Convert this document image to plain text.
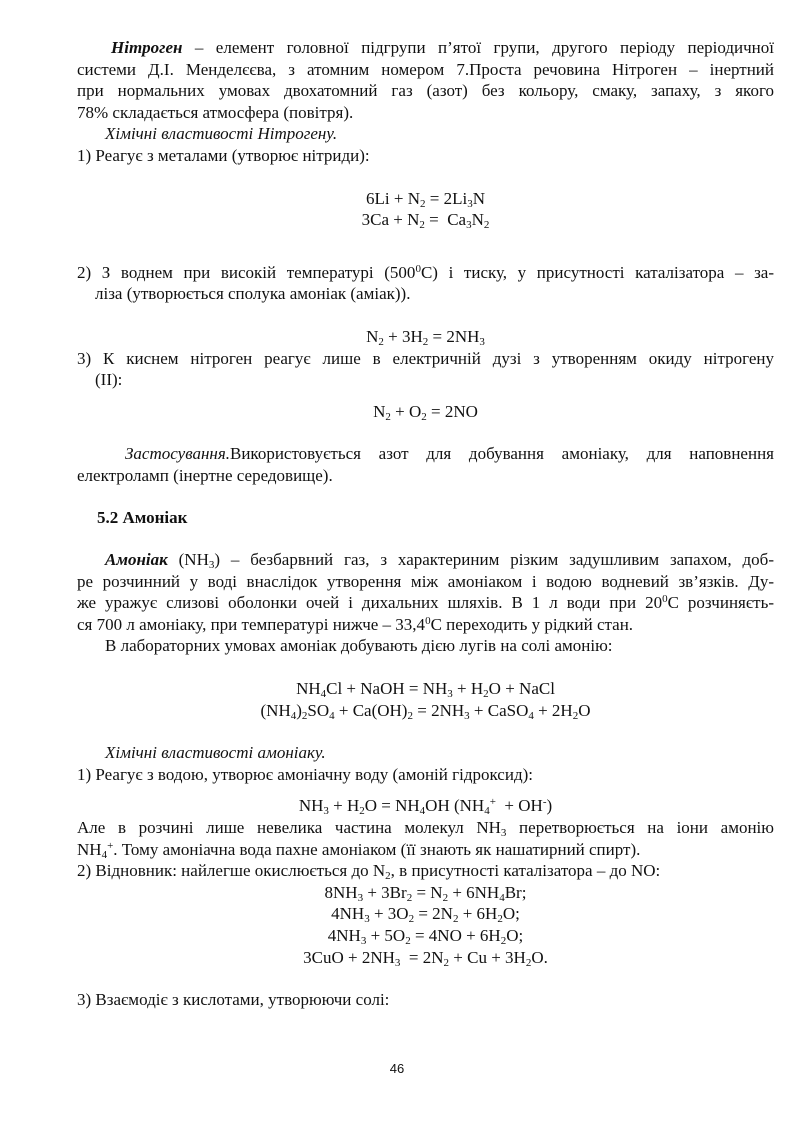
Нітроген – елемент головної підгрупи п’ятої групи, другого періоду періодичної

системи Д.І. Менделєєва, з атомним номером 7.Проста речовина Нітроген – інертний

при нормальних умовах двохатомний газ (азот) без кольору, смаку, запаху, з якого

78% складається атмосфера (повітря).

Хімічні властивості Нітрогену.

1) Реагує з металами (утворює нітриди):

$6Li + N_2 = 2Li_3N$

$3Ca + N_2 = Ca_3N_2$

2) З воднем при високій температурі $(500^0С)$ і тиску, у присутності каталізатора – за-

ліза (утворюється сполука амоніак (аміак)).

$N_2 + 3H_2 = 2NH_3$

3) К киснем нітроген реагує лише в електричній дузі з утворенням окиду нітрогену

(II):

$N_2 + O_2 = 2NO$

Застосування.Використовується азот для добування амоніаку, для наповнення

електроламп (інертне середовище).

5.2 Амоніак

Амоніак $(NH_3)$ – безбарвний газ, з характериним різким задушливим запахом, доб-

ре розчинний у воді внаслідок утворення між амоніаком і водою водневий зв’язків. Ду-

же уражує слизові оболонки очей і дихальних шляхів. В 1 л води при $20^0С$ розчиняєть-

ся 700 л амоніаку, при температурі нижче – 33,4$^0$С переходить у рідкий стан.

В лабораторних умовах амоніак добувають дією лугів на солі амонію:

$NH_4Cl$ + NaOH = $NH_3 + H_2O$ + NaCl

$(NH_4)_2SO_4 + Ca(OH)_2 = 2NH_3$ + CaSO$_4$ + $2H_2O$

Хімічні властивості амоніаку.

1) Реагує з водою, утворює амоніачну воду (амоній гідроксид):

$NH_3 + H_2O = NH_4OH$ $(NH_4^+ + OH^-)$

Але в розчині лише невелика частина молекул $NH_3$ перетворюється на іони амонію

$NH_4^+$. Тому амоніачна вода пахне амоніаком (її знають як нашатирний спирт).

2) Відновник: найлегше окислюється до $N_2$, в присутності каталізатора – до NO:

$8NH_3 + 3Br_2 = N_2 + 6NH_4Br$;

$4NH_3 + 3O_2 = 2N_2 + 6H_2O$;

$4NH_3 + 5O_2 = 4NO + 6H_2O$;

$3CuO + 2NH_3 = 2N_2 + Cu + 3H_2O$.

3) Взаємодіє з кислотами, утворюючи солі:

46
